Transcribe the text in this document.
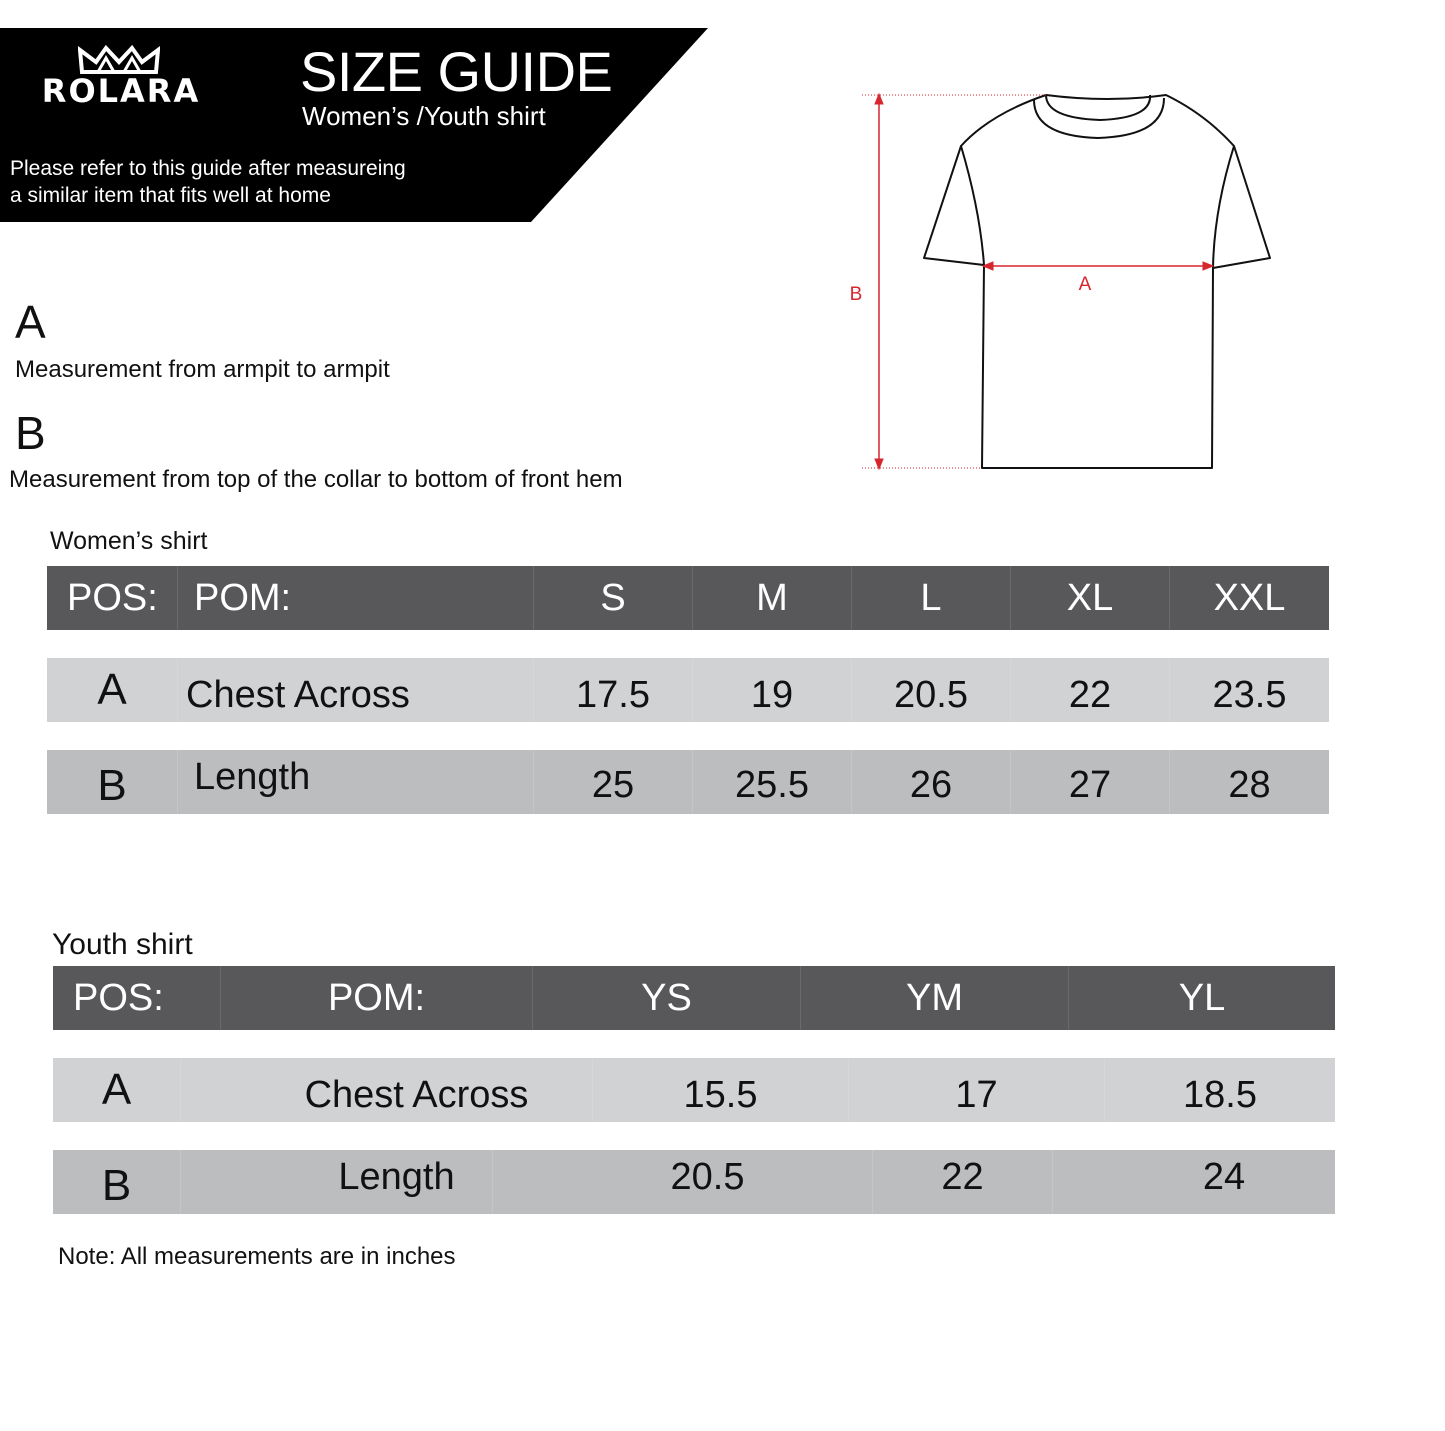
ROLARA	SIZE GUIDE
Women’s /Youth shirt
Please refer to this guide after measureing
a similar item that fits well at home
A
Measurement from armpit to armpit
B
Measurement from top of the collar to bottom of front hem
A
B
Women’s shirt
POS: POM:	S	M	L	XL	XXL
A	Chest Across	17.5	19	20.5	22	23.5
B	Length	25	25.5	26	27	28
Youth shirt
POS:	POM:	YS	YM	YL
A	Chest Across	15.5	17	18.5
B	Length	20.5	22	24
Note: All measurements are in inches
